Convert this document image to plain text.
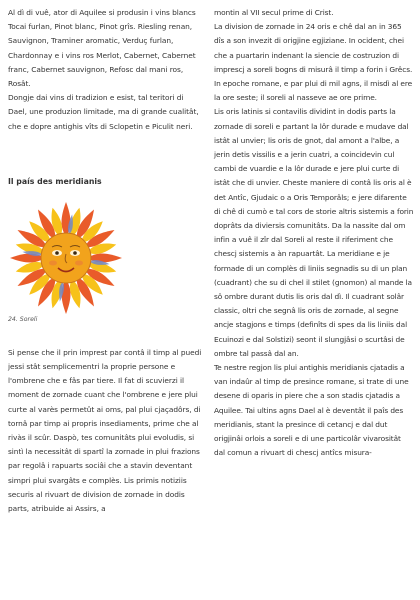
Al dì di vuê, ator di Aquilee si produsin i vins blancs Tocai furlan, Pinot blanc, Pinot grîs. Riesling renan, Sauvignon, Traminer aromatic, Verduç furlan, Chardonnay e i vins ros Merlot, Cabernet, Cabernet franc, Cabernet sauvignon, Refosc dal mani ros, Rosât.

Dongje dai vins di tradizion e esist, tal teritori di Dael, une produzion limitade, ma di grande cualitât, che e dopre antighis vîts di Sclopetin e Piculit neri.

Il país des meridianis

24. Soreli

Si pense che il prin imprest par contâ il timp al puedi jessi stât semplicementri la proprie persone e l'ombrene che e fâs par tiere. Il fat di scuvierzi il moment de zornade cuant che l'ombrene e jere plui curte al varès permetût ai oms, pal plui cjaçadôrs, di tornâ par timp ai propris insediaments, prime che al rivàs il scûr. Daspò, tes comunitâts plui evoludis, si sintì la necessitât di spartî la zornade in plui frazions par regolâ i rapuarts sociâi che a stavin deventant simpri plui svargâts e complès. Lis primis notiziis securis al rivuart de division de zornade in dodis parts, atribuide ai Assirs, a

montin al VII secul prime di Crist.

La division de zornade in 24 oris e chê dal an in 365 dîs a son invezit di origjine egjiziane. In ocident, chei che a puartarin indenant la siencie de costruzion di imprescj a soreli bogns di misurâ il timp a forin i Grêcs.

In epoche romane, e par plui di mil agns, il misdì al ere la ore seste; il soreli al nasseve ae ore prime.

Lis oris latinis si contavilis dividint in dodis parts la zornade di soreli e partant la lôr durade e mudave dal istât al unvier; lis oris de gnot, dal amont a l'albe, a jerin detis vissilis e a jerin cuatri, a coincidevin cul cambi de vuardie e la lôr durade e jere plui curte di istât che di unvier. Cheste maniere di contâ lis oris al è det Antîc, Gjudaic o a Oris Temporâls; e jere difarente di chê di cumò e tal cors de storie altris sistemis a forin doprâts da diviersis comunitâts. Da la nassite dal om infin a vuê il zîr dal Soreli al reste il riferiment che chescj sistemis a àn rapuartât. La meridiane e je formade di un complès di liniis segnadis su di un plan (cuadrant) che su di chel il stilet (gnomon) al mande la sô ombre durant dutis lis oris dal dì. Il cuadrant solâr classic, oltri che segnâ lis oris de zornade, al segne ancje stagjons e timps (definîts di spes da lis liniis dal Ecuinozi e dal Solstizi) seont il slungjâsi o scurtâsi de ombre tal passâ dal an.

Te nestre regjon lis plui antighis meridianis cjatadis a van indaûr al timp de presince romane, si trate di une desene di oparis in piere che a son stadis cjatadis a Aquilee. Tai ultins agns Dael al è deventât il paîs des meridianis, stant la presince di cetancj e dal dut origjinâi orlois a soreli e di une particolâr vivarositât dal comun a rivuart di chescj antîcs misura-
